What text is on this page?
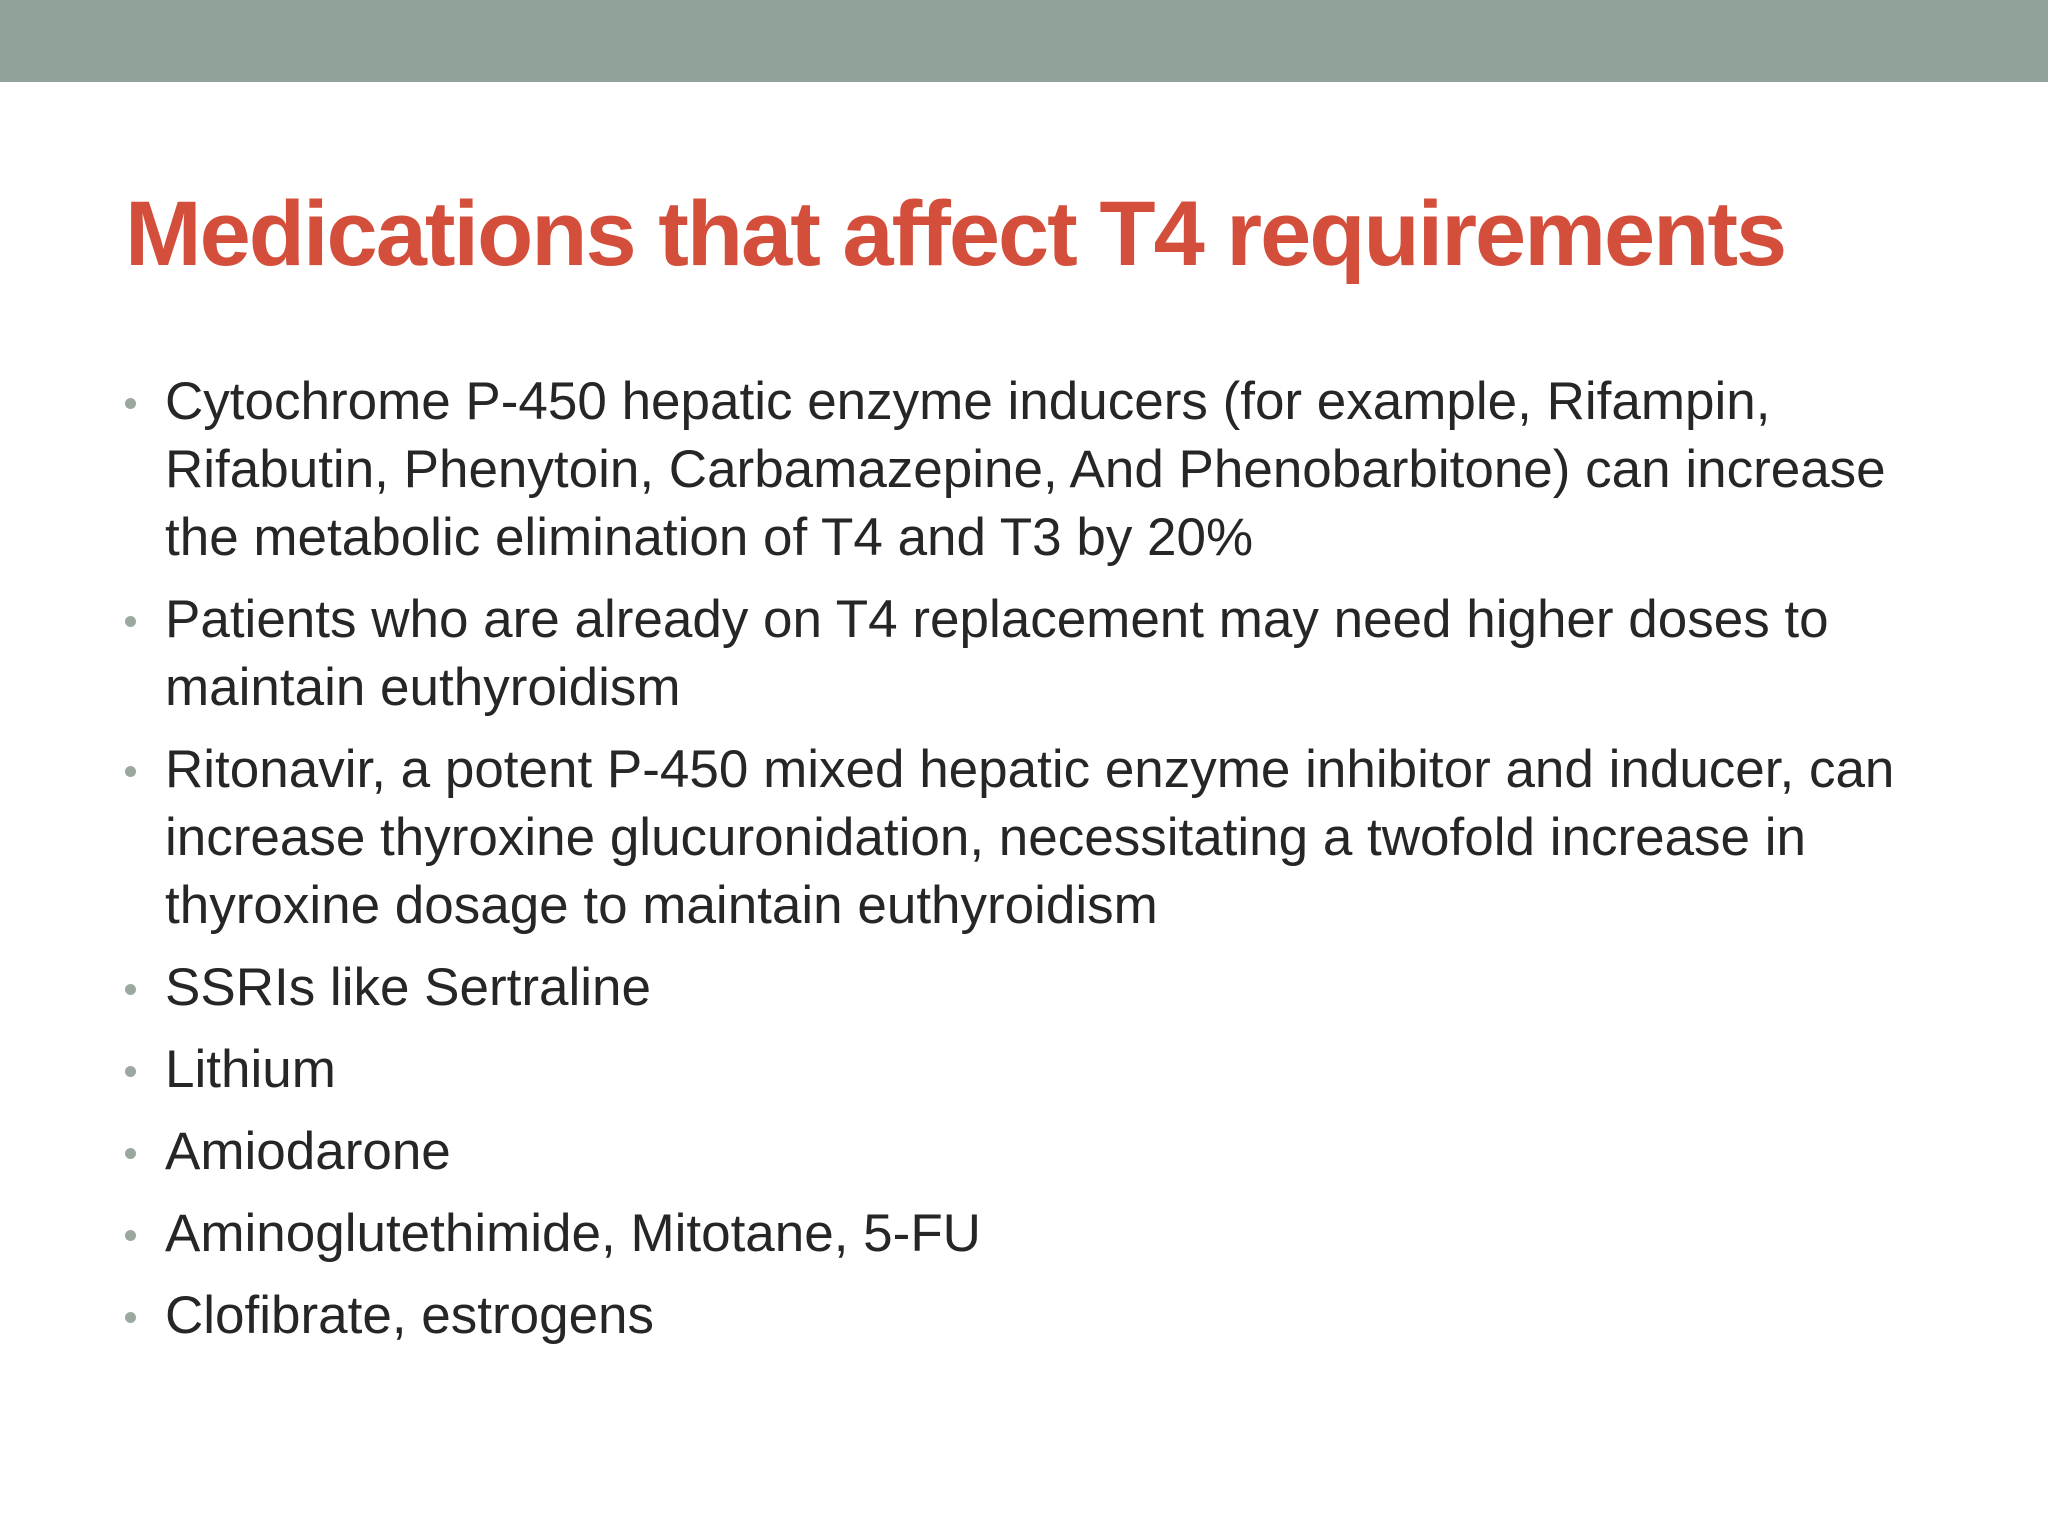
Medications that affect T4 requirements
Cytochrome P-450 hepatic enzyme inducers (for example, Rifampin, Rifabutin, Phenytoin, Carbamazepine, And Phenobarbitone) can increase the metabolic elimination of T4 and T3 by 20%
Patients who are already on T4 replacement may need higher doses to maintain euthyroidism
Ritonavir, a potent P-450 mixed hepatic enzyme inhibitor and inducer, can increase thyroxine glucuronidation, necessitating a twofold increase in thyroxine dosage to maintain euthyroidism
SSRIs like Sertraline
Lithium
Amiodarone
Aminoglutethimide, Mitotane, 5-FU
Clofibrate, estrogens
